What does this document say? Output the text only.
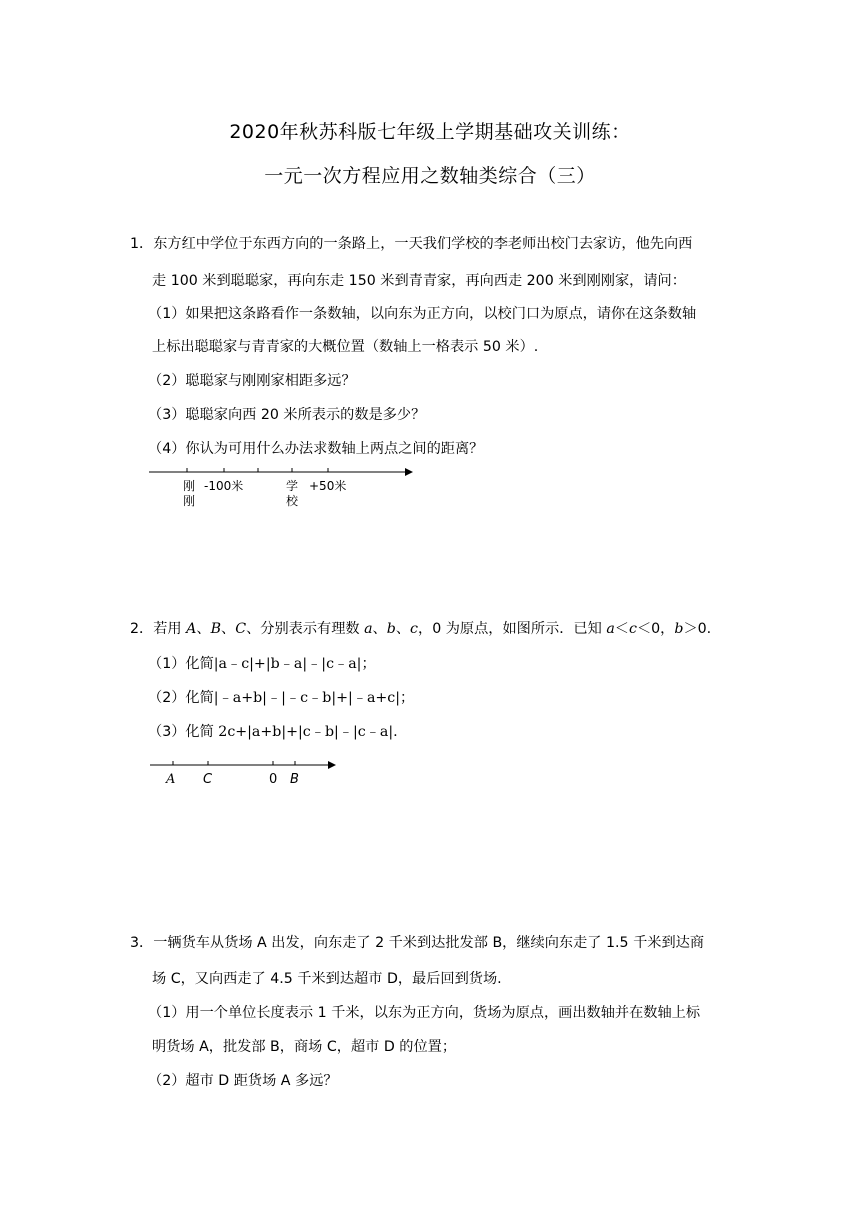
2020年秋苏科版七年级上学期基础攻关训练：
一元一次方程应用之数轴类综合（三）
1．东方红中学位于东西方向的一条路上，一天我们学校的李老师出校门去家访，他先向西
走 100 米到聪聪家，再向东走 150 米到青青家，再向西走 200 米到刚刚家，请问：
（1）如果把这条路看作一条数轴，以向东为正方向，以校门口为原点，请你在这条数轴
上标出聪聪家与青青家的大概位置（数轴上一格表示 50 米）.
（2）聪聪家与刚刚家相距多远？
（3）聪聪家向西 20 米所表示的数是多少？
（4）你认为可用什么办法求数轴上两点之间的距离？
刚
刚
-100米	学
校
+50米
2．若用 A、B、C、分别表示有理数 a、b、c，0 为原点，如图所示．已知 a＜c＜0，b＞0.
（1）化简|a﹣c|+|b﹣a|﹣|c﹣a|；
（2）化简|﹣a+b|﹣|﹣c﹣b|+|﹣a+c|；
（3）化简 2c+|a+b|+|c﹣b|﹣|c﹣a|.
A C	0 B
3．一辆货车从货场 A 出发，向东走了 2 千米到达批发部 B，继续向东走了 1.5 千米到达商
场 C，又向西走了 4.5 千米到达超市 D，最后回到货场.
（1）用一个单位长度表示 1 千米，以东为正方向，货场为原点，画出数轴并在数轴上标
明货场 A，批发部 B，商场 C，超市 D 的位置；
（2）超市 D 距货场 A 多远？
